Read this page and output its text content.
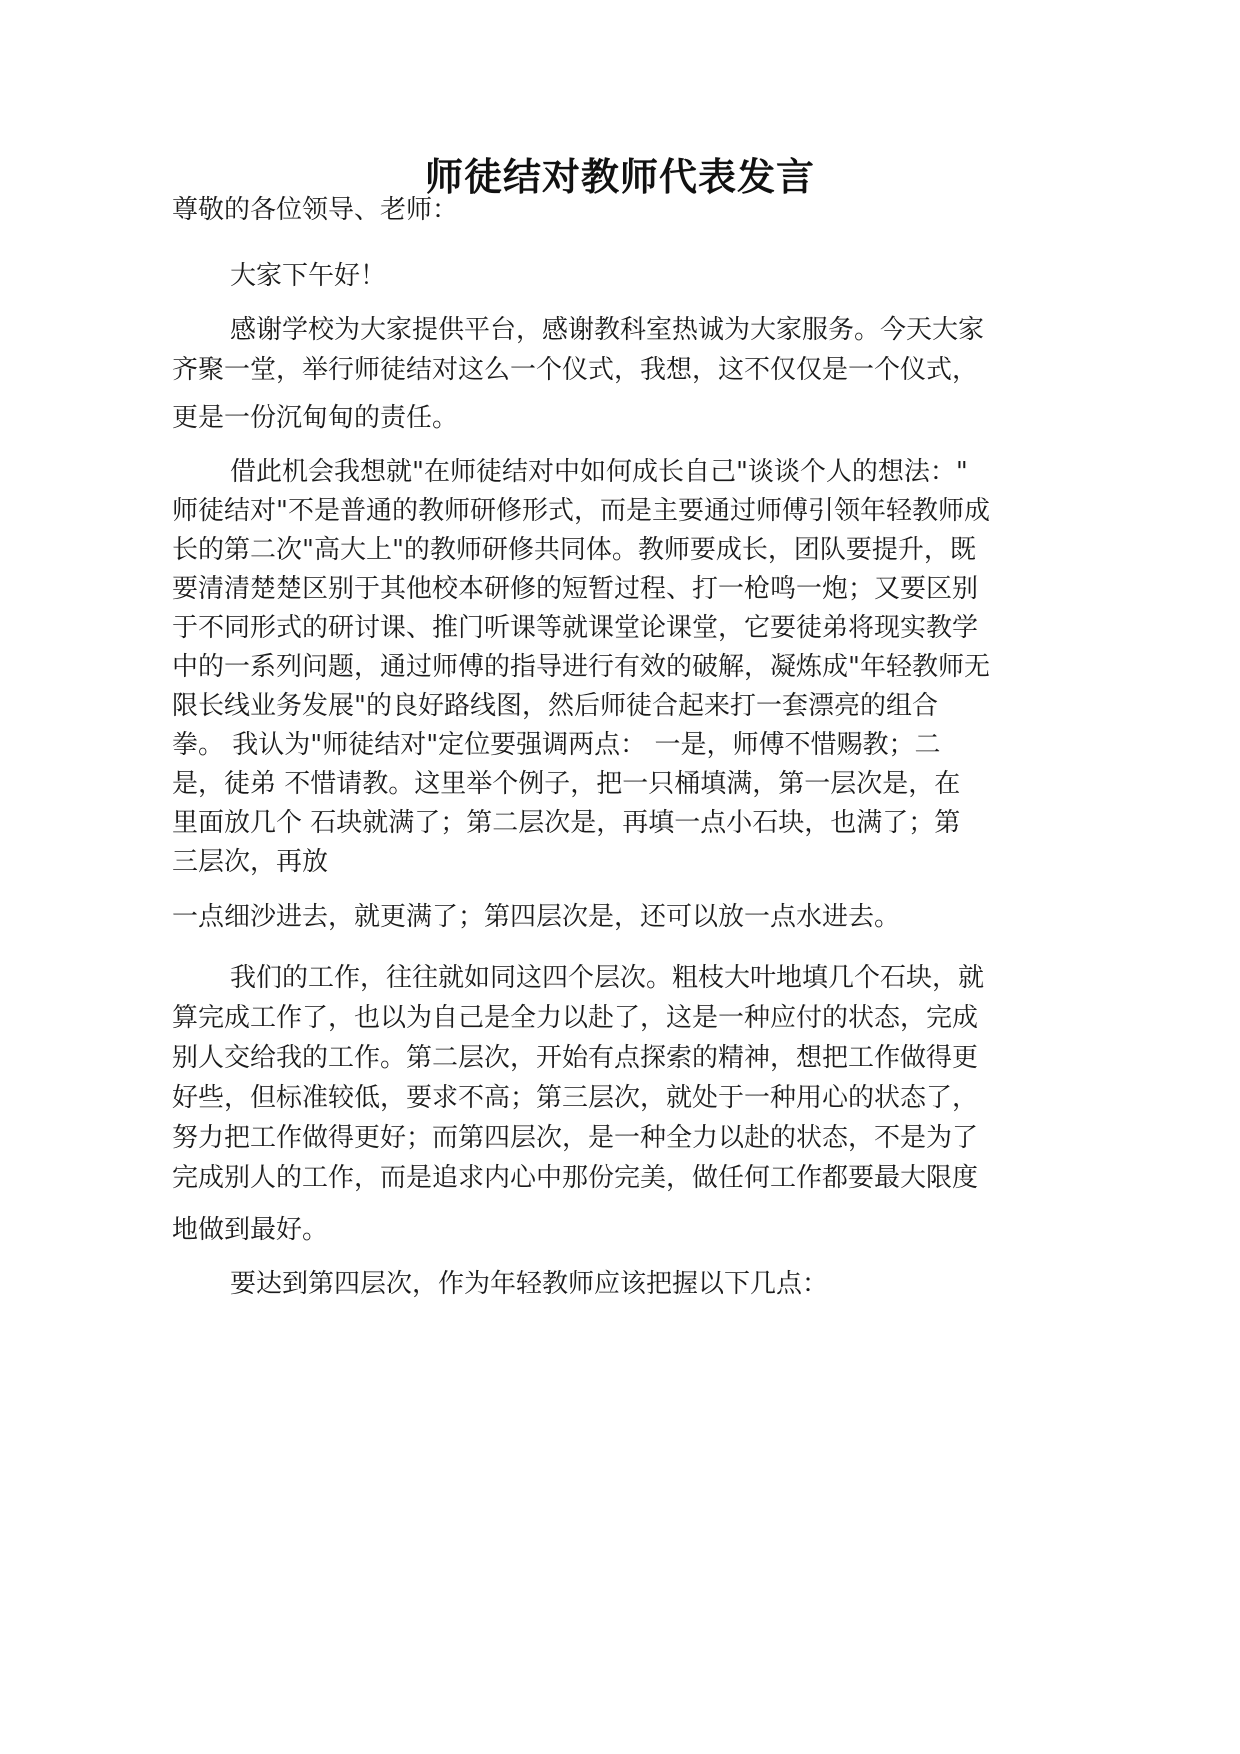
师徒结对教师代表发言
尊敬的各位领导、老师：
大家下午好！
感谢学校为大家提供平台，感谢教科室热诚为大家服务。今天大家
齐聚一堂，举行师徒结对这么一个仪式，我想，这不仅仅是一个仪式，
更是一份沉甸甸的责任。
借此机会我想就"在师徒结对中如何成长自己"谈谈个人的想法："
师徒结对"不是普通的教师研修形式，而是主要通过师傅引领年轻教师成
长的第二次"高大上"的教师研修共同体。教师要成长，团队要提升，既
要清清楚楚区别于其他校本研修的短暂过程、打一枪鸣一炮；又要区别
于不同形式的研讨课、推门听课等就课堂论课堂，它要徒弟将现实教学
中的一系列问题，通过师傅的指导进行有效的破解，凝炼成"年轻教师无
限长线业务发展"的良好路线图，然后师徒合起来打一套漂亮的组合
拳。 我认为"师徒结对"定位要强调两点： 一是，师傅不惜赐教；二
是，徒弟 不惜请教。这里举个例子，把一只桶填满，第一层次是，在
里面放几个 石块就满了；第二层次是，再填一点小石块，也满了；第
三层次，再放
一点细沙进去，就更满了；第四层次是，还可以放一点水进去。
我们的工作，往往就如同这四个层次。粗枝大叶地填几个石块，就
算完成工作了，也以为自己是全力以赴了，这是一种应付的状态，完成
别人交给我的工作。第二层次，开始有点探索的精神，想把工作做得更
好些，但标准较低，要求不高；第三层次，就处于一种用心的状态了，
努力把工作做得更好；而第四层次，是一种全力以赴的状态，不是为了
完成别人的工作，而是追求内心中那份完美，做任何工作都要最大限度
地做到最好。
要达到第四层次，作为年轻教师应该把握以下几点：
